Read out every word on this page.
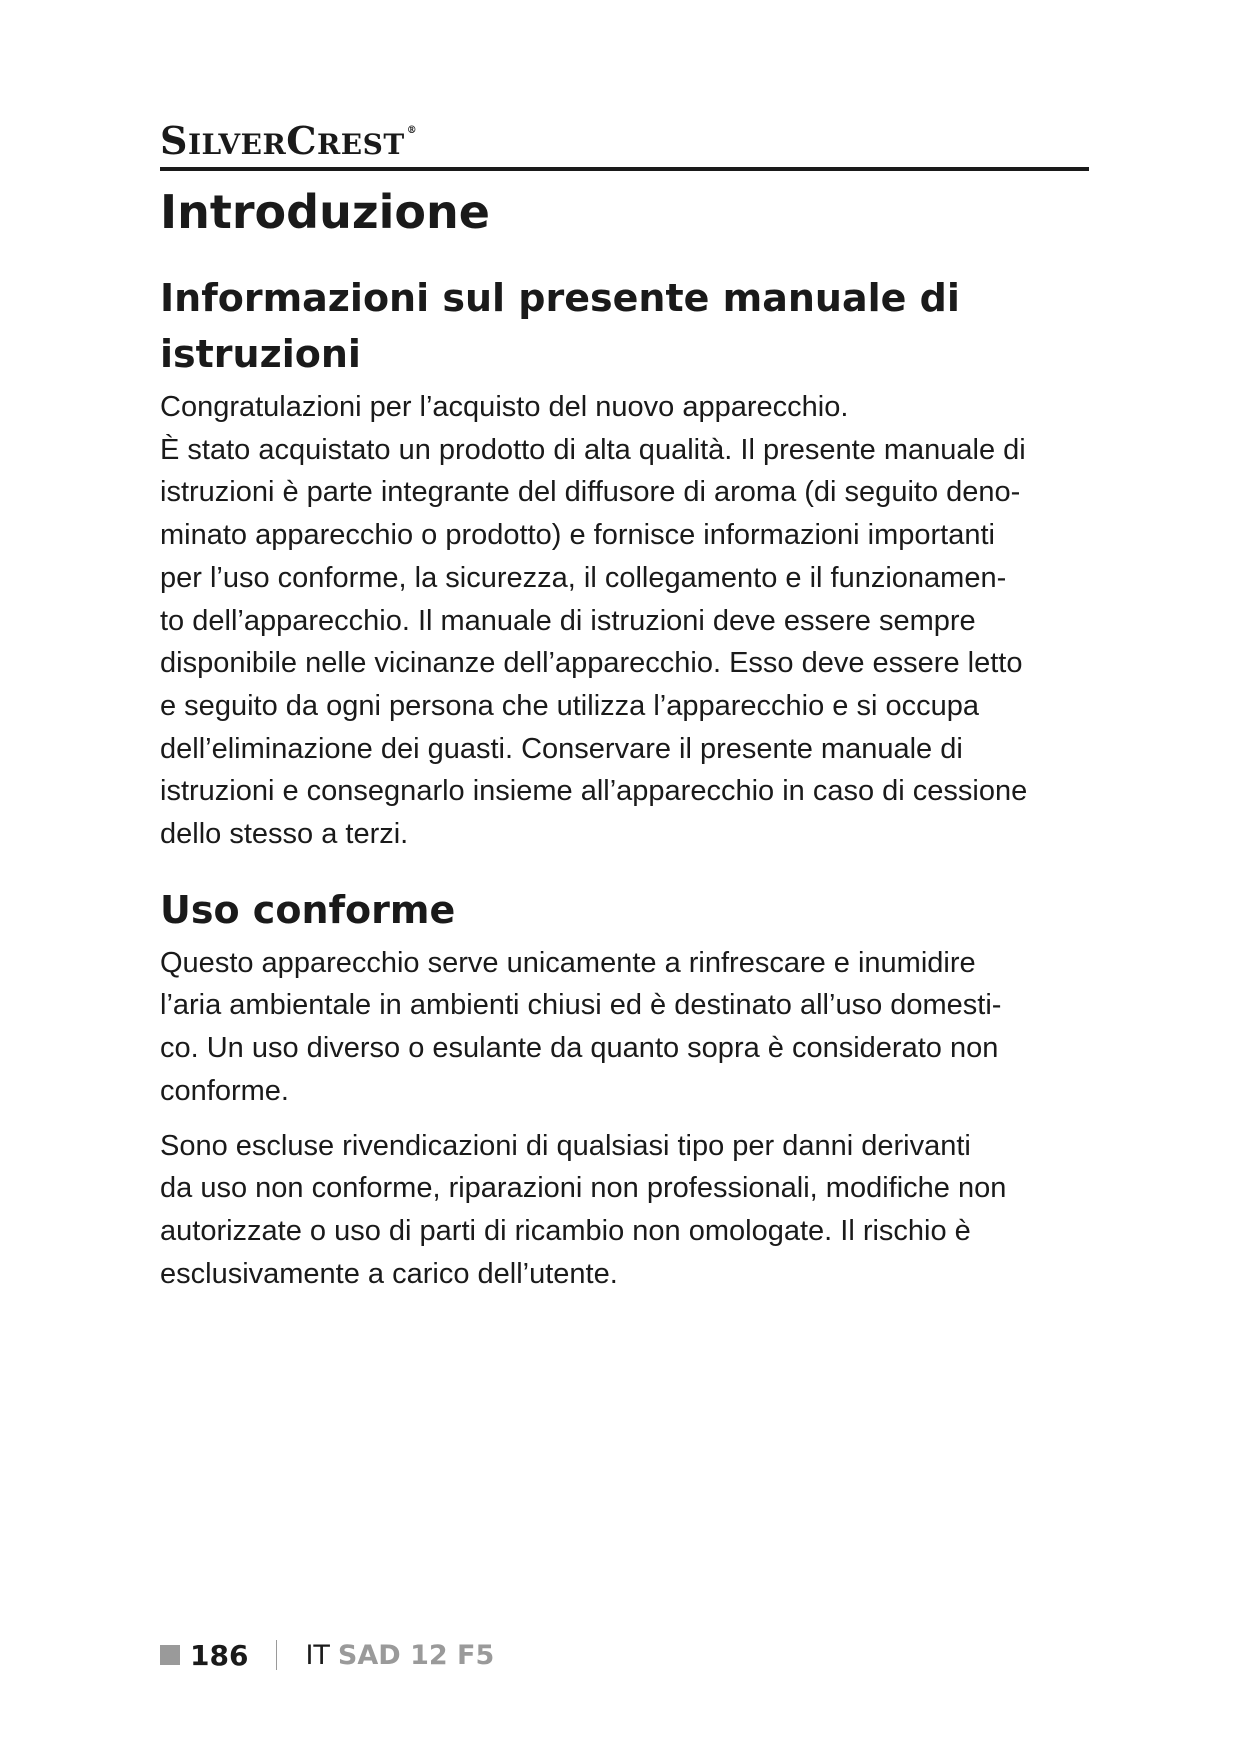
SILVERCREST ®
Introduzione
Informazioni sul presente manuale di istruzioni

Congratulazioni per l’acquisto del nuovo apparecchio.
È stato acquistato un prodotto di alta qualità. Il presente manuale di
istruzioni è parte integrante del diffusore di aroma (di seguito deno-
minato apparecchio o prodotto) e fornisce informazioni importanti
per l’uso conforme, la sicurezza, il collegamento e il funzionamen-
to dell’apparecchio. Il manuale di istruzioni deve essere sempre
disponibile nelle vicinanze dell’apparecchio. Esso deve essere letto
e seguito da ogni persona che utilizza l’apparecchio e si occupa
dell’eliminazione dei guasti. Conservare il presente manuale di
istruzioni e consegnarlo insieme all’apparecchio in caso di cessione
dello stesso a terzi.

Uso conforme

Questo apparecchio serve unicamente a rinfrescare e inumidire
l’aria ambientale in ambienti chiusi ed è destinato all’uso domesti-
co. Un uso diverso o esulante da quanto sopra è considerato non
conforme.

Sono escluse rivendicazioni di qualsiasi tipo per danni derivanti
da uso non conforme, riparazioni non professionali, modifiche non
autorizzate o uso di parti di ricambio non omologate. Il rischio è
esclusivamente a carico dell’utente.

186 IT SAD 12 F5
